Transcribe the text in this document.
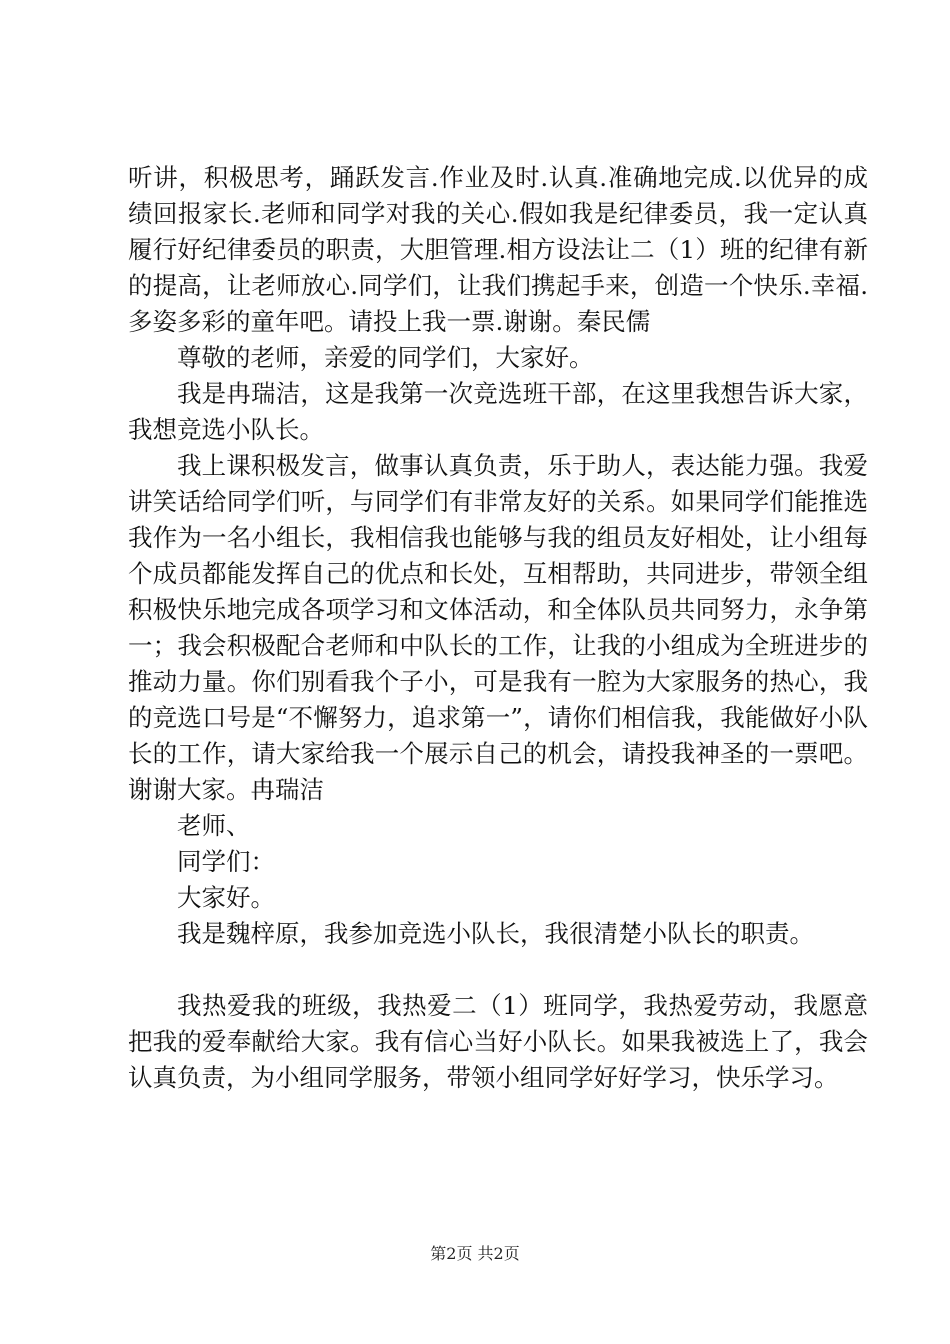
听讲，积极思考，踊跃发言.作业及时.认真.准确地完成.以优异的成绩回报家长.老师和同学对我的关心.假如我是纪律委员，我一定认真履行好纪律委员的职责，大胆管理.相方设法让二（1）班的纪律有新的提高，让老师放心.同学们，让我们携起手来，创造一个快乐.幸福.多姿多彩的童年吧。请投上我一票.谢谢。秦民儒

尊敬的老师，亲爱的同学们，大家好。

我是冉瑞洁，这是我第一次竞选班干部，在这里我想告诉大家，我想竞选小队长。

我上课积极发言，做事认真负责，乐于助人，表达能力强。我爱讲笑话给同学们听，与同学们有非常友好的关系。如果同学们能推选我作为一名小组长，我相信我也能够与我的组员友好相处，让小组每个成员都能发挥自己的优点和长处，互相帮助，共同进步，带领全组积极快乐地完成各项学习和文体活动，和全体队员共同努力，永争第一；我会积极配合老师和中队长的工作，让我的小组成为全班进步的推动力量。你们别看我个子小，可是我有一腔为大家服务的热心，我的竞选口号是“不懈努力，追求第一”，请你们相信我，我能做好小队长的工作，请大家给我一个展示自己的机会，请投我神圣的一票吧。谢谢大家。冉瑞洁

老师、

同学们：

大家好。

我是魏梓原，我参加竞选小队长，我很清楚小队长的职责。

我热爱我的班级，我热爱二（1）班同学，我热爱劳动，我愿意把我的爱奉献给大家。我有信心当好小队长。如果我被选上了，我会认真负责，为小组同学服务，带领小组同学好好学习，快乐学习。

第2页 共2页
